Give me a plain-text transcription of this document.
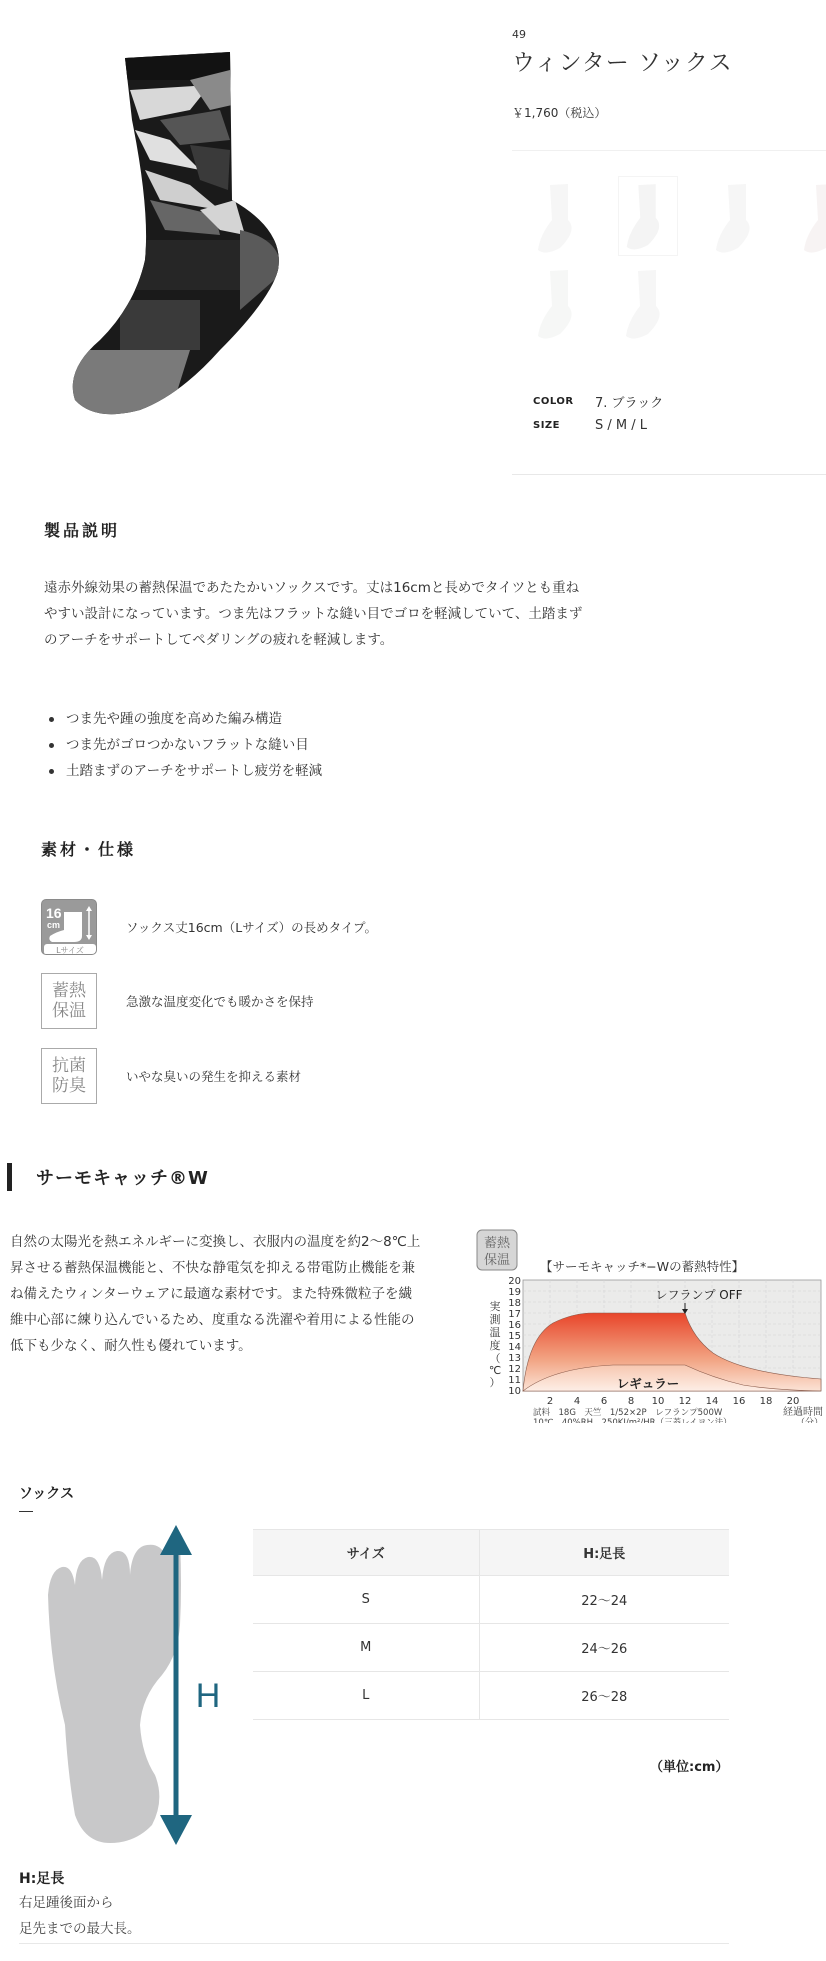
49
ウィンター ソックス
￥1,760（税込）
COLOR	7. ブラック
SIZE	S / M / L
製品説明

遠赤外線効果の蓄熱保温であたたかいソックスです。丈は16cmと長めでタイツとも重ねやすい設計になっています。つま先はフラットな縫い目でゴロを軽減していて、土踏まずのアーチをサポートしてペダリングの疲れを軽減します。

つま先や踵の強度を高めた編み構造
つま先がゴロつかないフラットな縫い目
土踏まずのアーチをサポートし疲労を軽減
素材・仕様
16
cm
Lサイズ
ソックス丈16cm（Lサイズ）の長めタイプ。
蓄熱
保温	急激な温度変化でも暖かさを保持
抗菌
防臭	いやな臭いの発生を抑える素材
サーモキャッチ®W

自然の太陽光を熱エネルギーに変換し、衣服内の温度を約2〜8℃上昇させる蓄熱保温機能と、不快な静電気を抑える帯電防止機能を兼ね備えたウィンターウェアに最適な素材です。また特殊微粒子を繊維中心部に練り込んでいるため、度重なる洗濯や着用による性能の低下も少なく、耐久性も優れています。

蓄熱
保温 【サーモキャッチ*−Wの蓄熱特性】
レフランプ OFF
レギュラー
20
19
18
17
16
15
14
13
12
11
10
実
測
温
度
（
℃
）
2 4 6 8 10 12 14 16 18 20
試料　18G　天竺　1/52×2P　レフランプ500W
10℃　40%RH　250KJ/m²/HR（三菱レイヨン法）
経過時間
（分）
ソックス
H
サイズ	H:足長
S	22〜24
M	24〜26
L	26〜28
（単位:cm）
H:足長
右足踵後面から
足先までの最大長。
